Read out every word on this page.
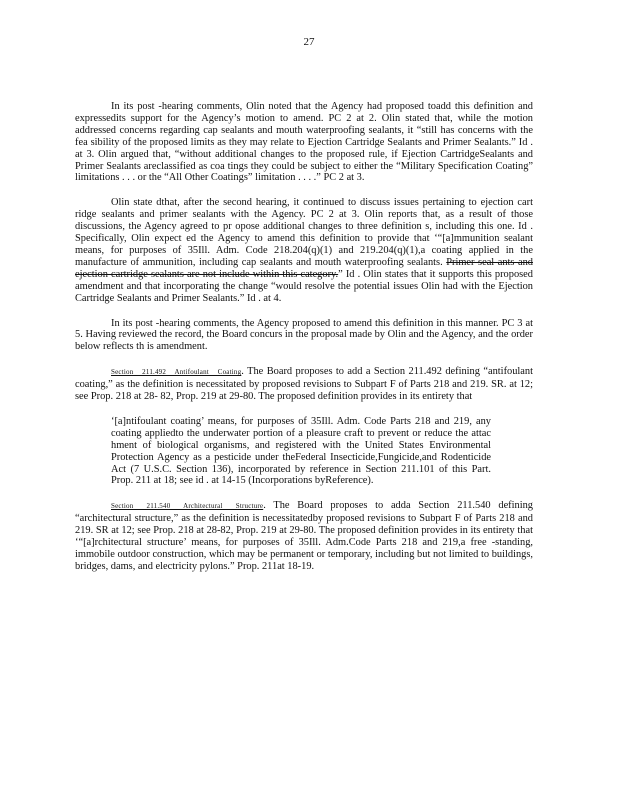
27

In its post -hearing comments, Olin noted that the Agency had proposed toadd this definition and expressedits support for the Agency’s motion to amend. PC 2 at 2. Olin stated that, while the motion addressed concerns regarding cap sealants and mouth waterproofing sealants, it “still has concerns with the fea sibility of the proposed limits as they may relate to Ejection Cartridge Sealants and Primer Sealants.” Id . at 3. Olin argued that, “without additional changes to the proposed rule, if Ejection CartridgeSealants and Primer Sealants areclassified as coa tings they could be subject to either the “Military Specification Coating” limitations . . . or the “All Other Coatings” limitation . . . .” PC 2 at 3.

Olin state dthat, after the second hearing, it continued to discuss issues pertaining to ejection cart ridge sealants and primer sealants with the Agency. PC 2 at 3. Olin reports that, as a result of those discussions, the Agency agreed to pr opose additional changes to three definition s, including this one. Id . Specifically, Olin expect ed the Agency to amend this definition to provide that ‘“[a]mmunition sealant means, for purposes of 35Ill. Adm. Code 218.204(q)(1) and 219.204(q)(1),a coating applied in the manufacture of ammunition, including cap sealants and mouth waterproofing sealants. Primer seal ants and ejection cartridge sealants are not include within this category.” Id . Olin states that it supports this proposed amendment and that incorporating the change “would resolve the potential issues Olin had with the Ejection Cartridge Sealants and Primer Sealants.” Id . at 4.

In its post -hearing comments, the Agency proposed to amend this definition in this manner. PC 3 at 5. Having reviewed the record, the Board concurs in the proposal made by Olin and the Agency, and the order below reflects th is amendment.

Section 211.492 Antifoulant Coating. The Board proposes to add a Section 211.492 defining “antifoulant coating,” as the definition is necessitated by proposed revisions to Subpart F of Parts 218 and 219. SR. at 12; see Prop. 218 at 28- 82, Prop. 219 at 29-80. The proposed definition provides in its entirety that

‘[a]ntifoulant coating’ means, for purposes of 35Ill. Adm. Code Parts 218 and 219, any coating appliedto the underwater portion of a pleasure craft to prevent or reduce the attac hment of biological organisms, and registered with the United States Environmental Protection Agency as a pesticide under theFederal Insecticide,Fungicide,and Rodenticide Act (7 U.S.C. Section 136), incorporated by reference in Section 211.101 of this Part. Prop. 211 at 18; see id . at 14-15 (Incorporations byReference).

Section 211.540 Architectural Structure. The Board proposes to adda Section 211.540 defining “architectural structure,” as the definition is necessitatedby proposed revisions to Subpart F of Parts 218 and 219. SR at 12; see Prop. 218 at 28-82, Prop. 219 at 29-80. The proposed definition provides in its entirety that ‘“[a]rchitectural structure’ means, for purposes of 35Ill. Adm.Code Parts 218 and 219,a free -standing, immobile outdoor construction, which may be permanent or temporary, including but not limited to buildings, bridges, dams, and electricity pylons.” Prop. 211at 18-19.
